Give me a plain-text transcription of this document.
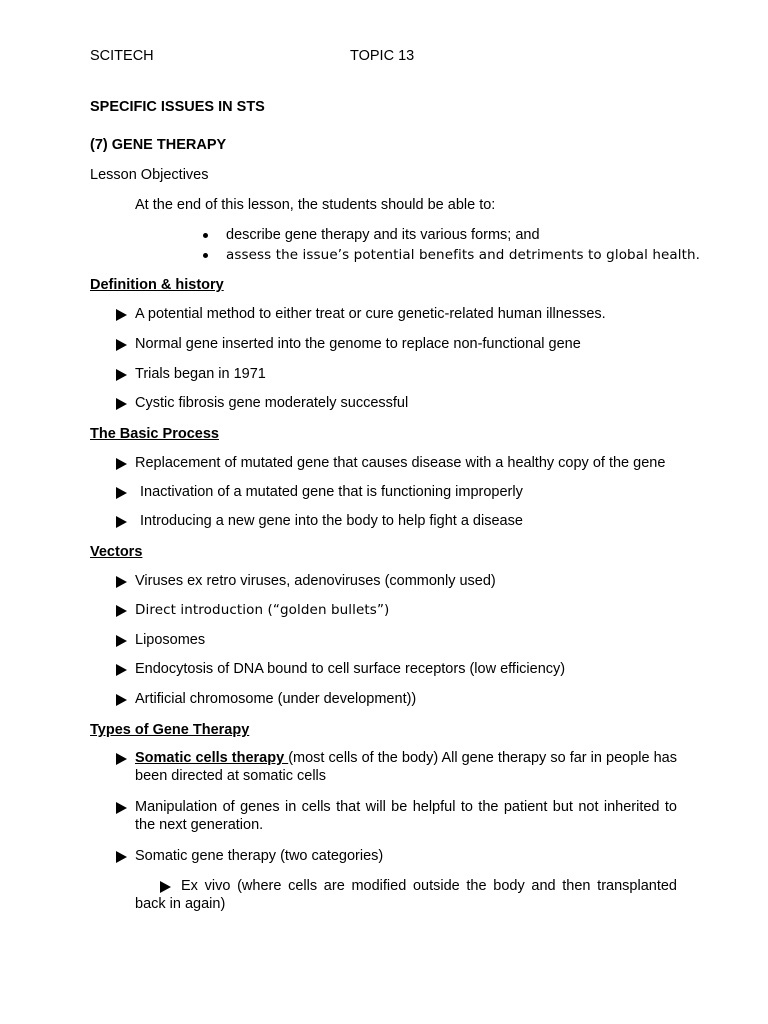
SCITECH	TOPIC 13
SPECIFIC ISSUES IN STS
(7) GENE THERAPY
Lesson Objectives
At the end of this lesson, the students should be able to:
describe gene therapy and its various forms; and
assess the issue’s potential benefits and detriments to global health.
Definition & history
A potential method to either treat or cure genetic-related human illnesses.
Normal gene inserted into the genome to replace non-functional gene
Trials began in 1971
Cystic fibrosis gene moderately successful
The Basic Process
Replacement of mutated gene that causes disease with a healthy copy of the gene
Inactivation of a mutated gene that is functioning improperly
Introducing a new gene into the body to help fight a disease
Vectors
Viruses ex retro viruses, adenoviruses (commonly used)
Direct introduction (“golden bullets”)
Liposomes
Endocytosis of DNA bound to cell surface receptors (low efficiency)
Artificial chromosome (under development))
Types of Gene Therapy
Somatic cells therapy (most cells of the body) All gene therapy so far in people has been directed at somatic cells
Manipulation of genes in cells that will be helpful to the patient but not inherited to the next generation.
Somatic gene therapy (two categories)
Ex vivo (where cells are modified outside the body and then transplanted back in again)
